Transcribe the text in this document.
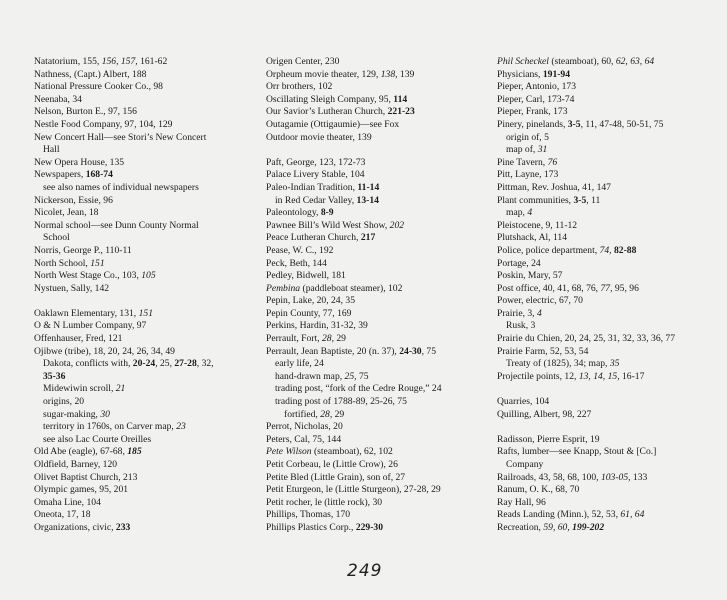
Natatorium, 155, 156, 157, 161-62
Nathness, (Capt.) Albert, 188
National Pressure Cooker Co., 98
Neenaba, 34
Nelson, Burton E., 97, 156
Nestle Food Company, 97, 104, 129
New Concert Hall—see Stori’s New Concert
Hall
New Opera House, 135
Newspapers, 168-74
see also names of individual newspapers
Nickerson, Essie, 96
Nicolet, Jean, 18
Normal school—see Dunn County Normal
School
Norris, George P., 110-11
North School, 151
North West Stage Co., 103, 105
Nystuen, Sally, 142
Oaklawn Elementary, 131, 151
O & N Lumber Company, 97
Offenhauser, Fred, 121
Ojibwe (tribe), 18, 20, 24, 26, 34, 49
Dakota, conflicts with, 20-24, 25, 27-28, 32,
35-36
Midewiwin scroll, 21
origins, 20
sugar-making, 30
territory in 1760s, on Carver map, 23
see also Lac Courte Oreilles
Old Abe (eagle), 67-68, 185
Oldfield, Barney, 120
Olivet Baptist Church, 213
Olympic games, 95, 201
Omaha Line, 104
Oneota, 17, 18
Organizations, civic, 233
Origen Center, 230
Orpheum movie theater, 129, 138, 139
Orr brothers, 102
Oscillating Sleigh Company, 95, 114
Our Savior’s Lutheran Church, 221-23
Outagamie (Ottigaumie)—see Fox
Outdoor movie theater, 139
Paft, George, 123, 172-73
Palace Livery Stable, 104
Paleo-Indian Tradition, 11-14
in Red Cedar Valley, 13-14
Paleontology, 8-9
Pawnee Bill’s Wild West Show, 202
Peace Lutheran Church, 217
Pease, W. C., 192
Peck, Beth, 144
Pedley, Bidwell, 181
Pembina (paddleboat steamer), 102
Pepin, Lake, 20, 24, 35
Pepin County, 77, 169
Perkins, Hardin, 31-32, 39
Perrault, Fort, 28, 29
Perrault, Jean Baptiste, 20 (n. 37), 24-30, 75
early life, 24
hand-drawn map, 25, 75
trading post, “fork of the Cedre Rouge,” 24
trading post of 1788-89, 25-26, 75
fortified, 28, 29
Perrot, Nicholas, 20
Peters, Cal, 75, 144
Pete Wilson (steamboat), 62, 102
Petit Corbeau, le (Little Crow), 26
Petite Bled (Little Grain), son of, 27
Petit Eturgeon, le (Little Sturgeon), 27-28, 29
Petit rocher, le (little rock), 30
Phillips, Thomas, 170
Phillips Plastics Corp., 229-30
Phil Scheckel (steamboat), 60, 62, 63, 64
Physicians, 191-94
Pieper, Antonio, 173
Pieper, Carl, 173-74
Pieper, Frank, 173
Pinery, pinelands, 3-5, 11, 47-48, 50-51, 75
origin of, 5
map of, 31
Pine Tavern, 76
Pitt, Layne, 173
Pittman, Rev. Joshua, 41, 147
Plant communities, 3-5, 11
map, 4
Pleistocene, 9, 11-12
Plutshack, Al, 114
Police, police department, 74, 82-88
Portage, 24
Poskin, Mary, 57
Post office, 40, 41, 68, 76, 77, 95, 96
Power, electric, 67, 70
Prairie, 3, 4
Rusk, 3
Prairie du Chien, 20, 24, 25, 31, 32, 33, 36, 77
Prairie Farm, 52, 53, 54
Treaty of (1825), 34; map, 35
Projectile points, 12, 13, 14, 15, 16-17
Quarries, 104
Quilling, Albert, 98, 227
Radisson, Pierre Esprit, 19
Rafts, lumber—see Knapp, Stout & [Co.]
Company
Railroads, 43, 58, 68, 100, 103-05, 133
Ranum, O. K., 68, 70
Ray Hall, 96
Reads Landing (Minn.), 52, 53, 61, 64
Recreation, 59, 60, 199-202
249
